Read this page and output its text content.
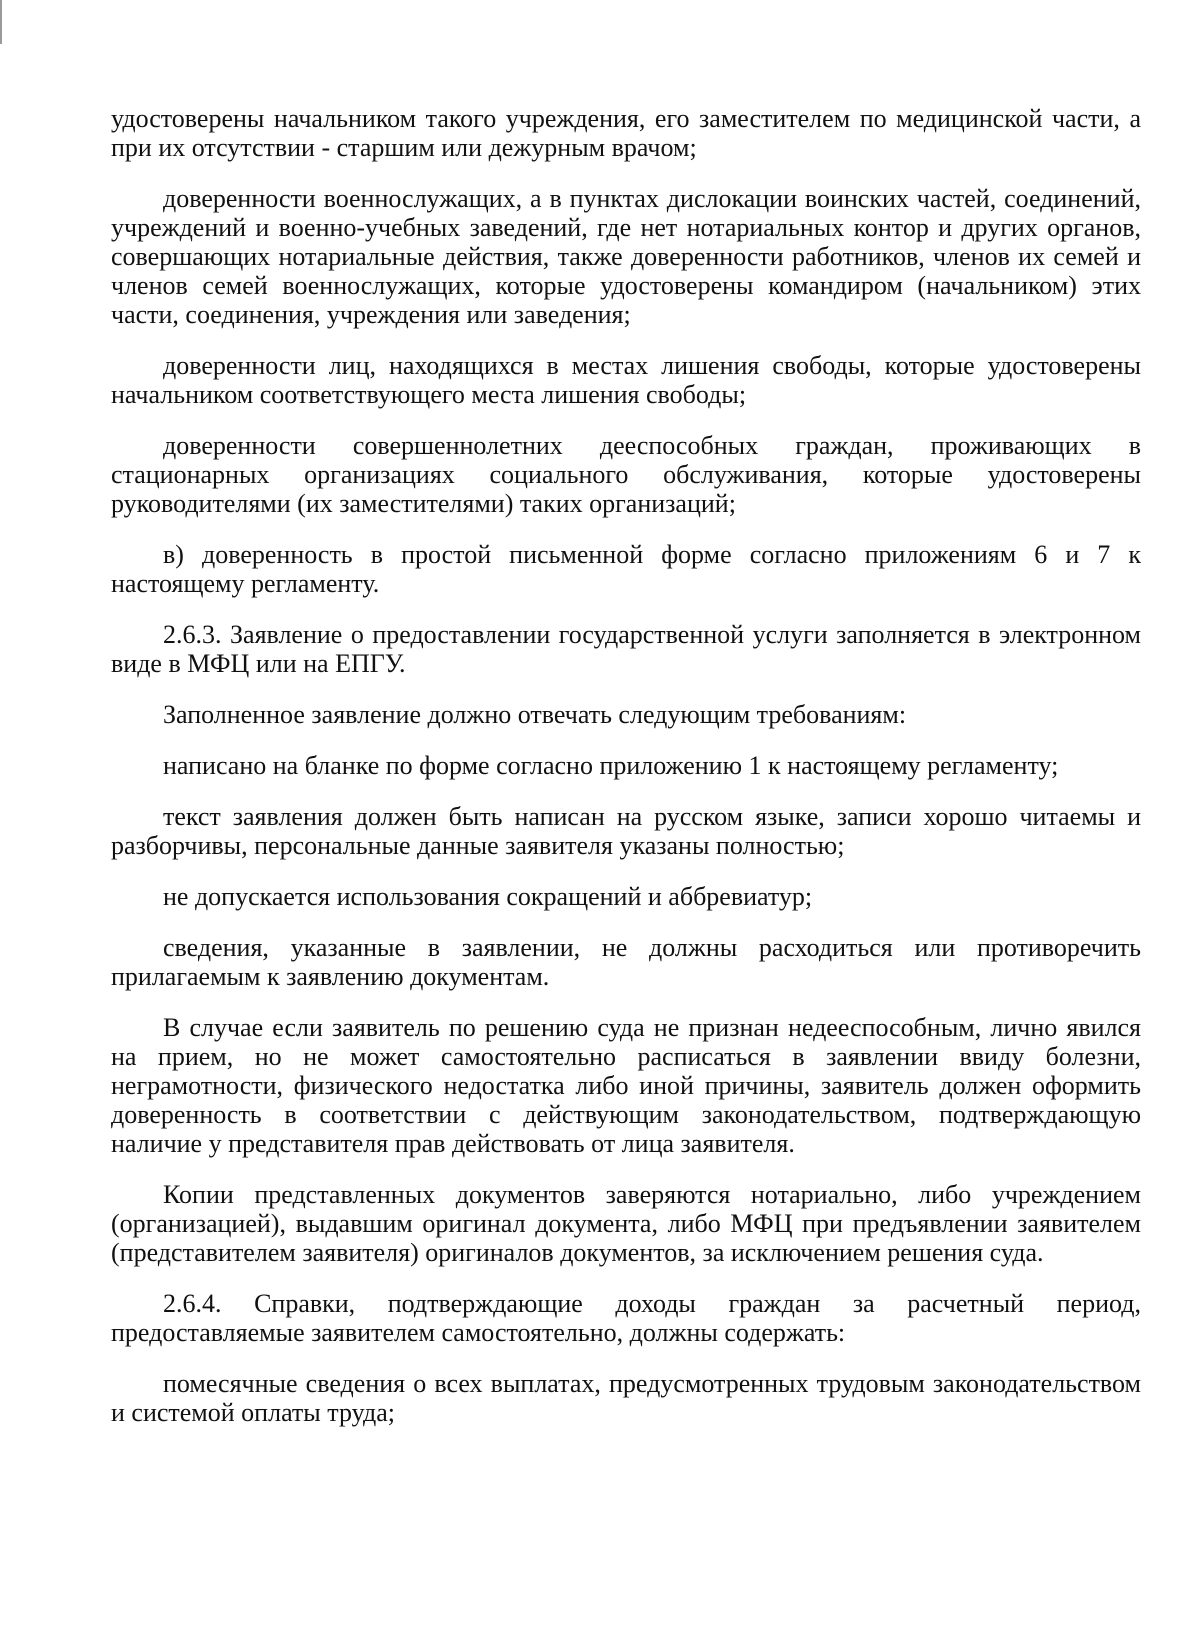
удостоверены начальником такого учреждения, его заместителем по медицинской части, а при их отсутствии - старшим или дежурным врачом;

доверенности военнослужащих, а в пунктах дислокации воинских частей, соединений, учреждений и военно-учебных заведений, где нет нотариальных контор и других органов, совершающих нотариальные действия, также доверенности работников, членов их семей и членов семей военнослужащих, которые удостоверены командиром (начальником) этих части, соединения, учреждения или заведения;

доверенности лиц, находящихся в местах лишения свободы, которые удостоверены начальником соответствующего места лишения свободы;

доверенности совершеннолетних дееспособных граждан, проживающих в стационарных организациях социального обслуживания, которые удостоверены руководителями (их заместителями) таких организаций;

в) доверенность в простой письменной форме согласно приложениям 6 и 7 к настоящему регламенту.

2.6.3. Заявление о предоставлении государственной услуги заполняется в электронном виде в МФЦ или на ЕПГУ.

Заполненное заявление должно отвечать следующим требованиям:

написано на бланке по форме согласно приложению 1 к настоящему регламенту;

текст заявления должен быть написан на русском языке, записи хорошо читаемы и разборчивы, персональные данные заявителя указаны полностью;

не допускается использования сокращений и аббревиатур;

сведения, указанные в заявлении, не должны расходиться или противоречить прилагаемым к заявлению документам.

В случае если заявитель по решению суда не признан недееспособным, лично явился на прием, но не может самостоятельно расписаться в заявлении ввиду болезни, неграмотности, физического недостатка либо иной причины, заявитель должен оформить доверенность в соответствии с действующим законодательством, подтверждающую наличие у представителя прав действовать от лица заявителя.

Копии представленных документов заверяются нотариально, либо учреждением (организацией), выдавшим оригинал документа, либо МФЦ при предъявлении заявителем (представителем заявителя) оригиналов документов, за исключением решения суда.

2.6.4. Справки, подтверждающие доходы граждан за расчетный период, предоставляемые заявителем самостоятельно, должны содержать:

помесячные сведения о всех выплатах, предусмотренных трудовым законодательством и системой оплаты труда;
